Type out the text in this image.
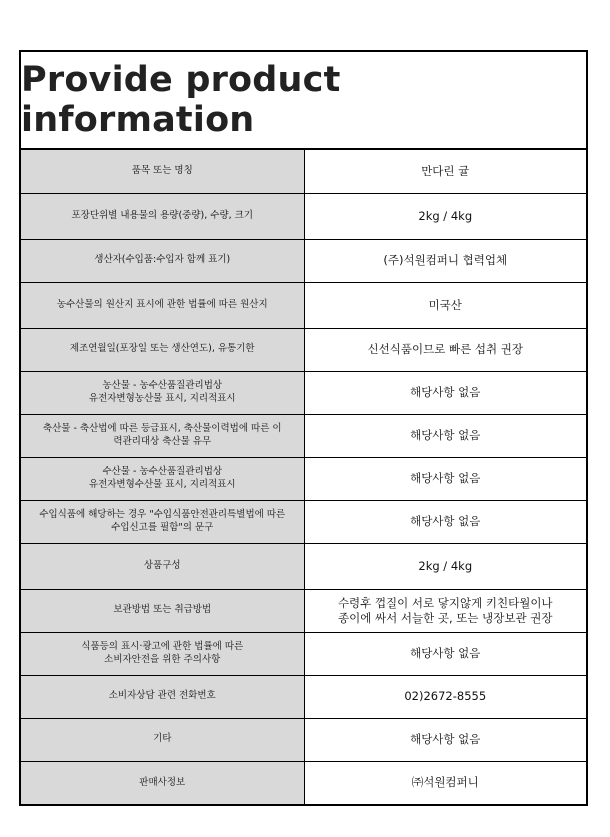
Provide product information
품목 또는 명칭	만다린 귤

포장단위별 내용물의 용량(중량), 수량, 크기	2kg / 4kg

생산자(수입품:수입자 함께 표기)	(주)석원컴퍼니 협력업체

농수산물의 원산지 표시에 관한 법률에 따른 원산지	미국산

제조연월일(포장일 또는 생산연도), 유통기한	신선식품이므로 빠른 섭취 권장

농산물 - 농수산품질관리법상
유전자변형농산물 표시, 지리적표시	해당사항 없음

축산물 - 축산법에 따른 등급표시, 축산물이력법에 따른 이
력관리대상 축산물 유무	해당사항 없음

수산물 - 농수산품질관리법상
유전자변형수산물 표시, 지리적표시	해당사항 없음

수입식품에 해당하는 경우 "수입식품안전관리특별법에 따른
수입신고를 필함"의 문구	해당사항 없음

상품구성	2kg / 4kg

보관방법 또는 취급방법	수령후 껍질이 서로 닿지않게 키친타월이나
종이에 싸서 서늘한 곳, 또는 냉장보관 권장

식품등의 표시·광고에 관한 법률에 따른
소비자안전을 위한 주의사항	해당사항 없음

소비자상담 관련 전화번호	02)2672-8555

기타	해당사항 없음

판매사정보	㈜석원컴퍼니
